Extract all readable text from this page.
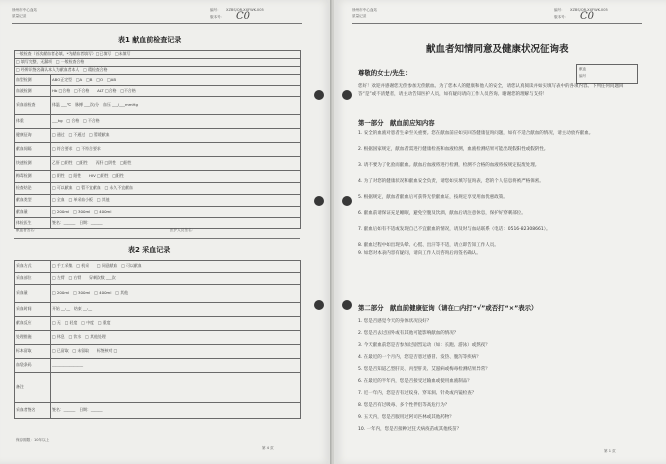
徐州市中心血站
质量记录
编号： XZBS/QR-XXFWK-005
版本号： C0
表1 献血前检查记录
一般检查（首次献血者必填，*为献血者填写）□已填写　□未填写	
□ 填写完整，无漏项　□ 一般检查合格	
□ 经辨识签名确认本人为献血者本人　□ 精检查合格	
血型检测	ABO正定型　□A　□B　□O　□AB
血液检测	Hb □合格　□不合格　　ALT □合格　□不合格
采血前检查	体温 ___℃　脉搏 ___次/分　血压 ___/___mmHg
体重	___kg　□ 合格　□ 不合格
健康征询	□ 通过　□ 不通过　□ 暂缓献血
献血间隔	□ 符合要求　□ 不符合要求
快速检测	乙肝 □阴性　□阳性　　丙肝 □阴性　□阳性
梅毒检测	□ 阴性　□ 阳性　　HIV □阴性　□阳性
检查结论	□ 可以献血　□ 暂不宜献血　□ 永久不宜献血
献血类型	□ 全血　□ 单采血小板　□ 其他
献血量	□ 200ml　□ 300ml　□ 400ml
体检医生	签名：______　日期：______
献血者签名：	医护人员签名：
表2 采血记录
采血方式	□ 手工采集　□ 机采　　□ 同意献血　□ 可以献血
采血部位	□ 左臂　□ 右臂　　穿刺次数 ___次
采血量	□ 200ml　□ 300ml　□ 400ml　□ 其他
采血时间	开始 __:__　结束 __:__
献血反应	□ 无　□ 轻度　□ 中度　□ 重度
处理措施	□ 休息　□ 饮水　□ 其他处理
标本留取	□ 已留取　□ 未留取　　标签核对 □
血袋条码	________________
备注	
采血者签名	签名：______　日期：______
保存期限：10年以上
第 4 页
徐州市中心血站
质量记录
编号： XZBS/QR-XXFWK-005
版本号： C0
献血者知情同意及健康状况征询表
尊敬的女士/先生：	献血
编号
您好！欢迎并感谢您无偿参加无偿献血。为了您本人的健康和他人的安全，请您认真阅读并如实填写表中的各项内容。下列任何问题回答“是”或不清楚者，请主动告知医护人员，如有疑问请向工作人员咨询。谢谢您的理解与支持！
第一部分　献血前应知内容
1. 安全的血液对患者生命至关重要。您在献血前应如实回答健康征询问题，如有不适合献血的情况，请主动放弃献血。
2. 根据国家规定，献血者需进行健康检查和血液检测，血液检测结果可能出现假阳性或假阴性。
3. 请不要为了化验而献血。献血后血液将进行检测，检测不合格的血液将按规定报废处理。
4. 为了对您的健康状况和献血安全负责，请您如实填写征询表，您的个人信息将被严格保密。
5. 根据规定，献血者献血后可获得无偿献血证，按规定享受用血优惠政策。
6. 献血前请保证充足睡眠，避免空腹及饮酒，献血后请注意休息，保护好穿刺部位。
7. 献血后如有不适或发现自己不宜献血的情况，请及时与血站联系（电话：0516-82308661）。
8. 献血过程中如出现头晕、心慌、出汗等不适，请立即告知工作人员。
9. 如您对本表内容有疑问，请向工作人员咨询后再签名确认。
第二部分　献血前健康征询（请在□内打“√”或否打“×”表示）
1. 您是否感觉今天的身体状况良好？
2. 您是否去过国外或有其他可能影响献血的情况？
3. 今天献血前您是否参加过剧烈运动（如：长跑、游泳）或熬夜？
4. 在最近的一个月内，您是否患过感冒、发热、腹泻等疾病？
5. 您是否知道乙型肝炎、丙型肝炎、艾滋病或梅毒检测结果异常？
6. 在最近的半年内，您是否接受过输血或使用血液制品？
7. 近一年内，您是否有过纹身、穿耳洞、针灸或内镜检查？
8. 您是否有过吸毒、多个性伴侣等高危行为？
9. 五天内，您是否服用过阿司匹林或其他药物？
10. 一年内，您是否接种过狂犬病疫苗或其他疫苗？
第 1 页
